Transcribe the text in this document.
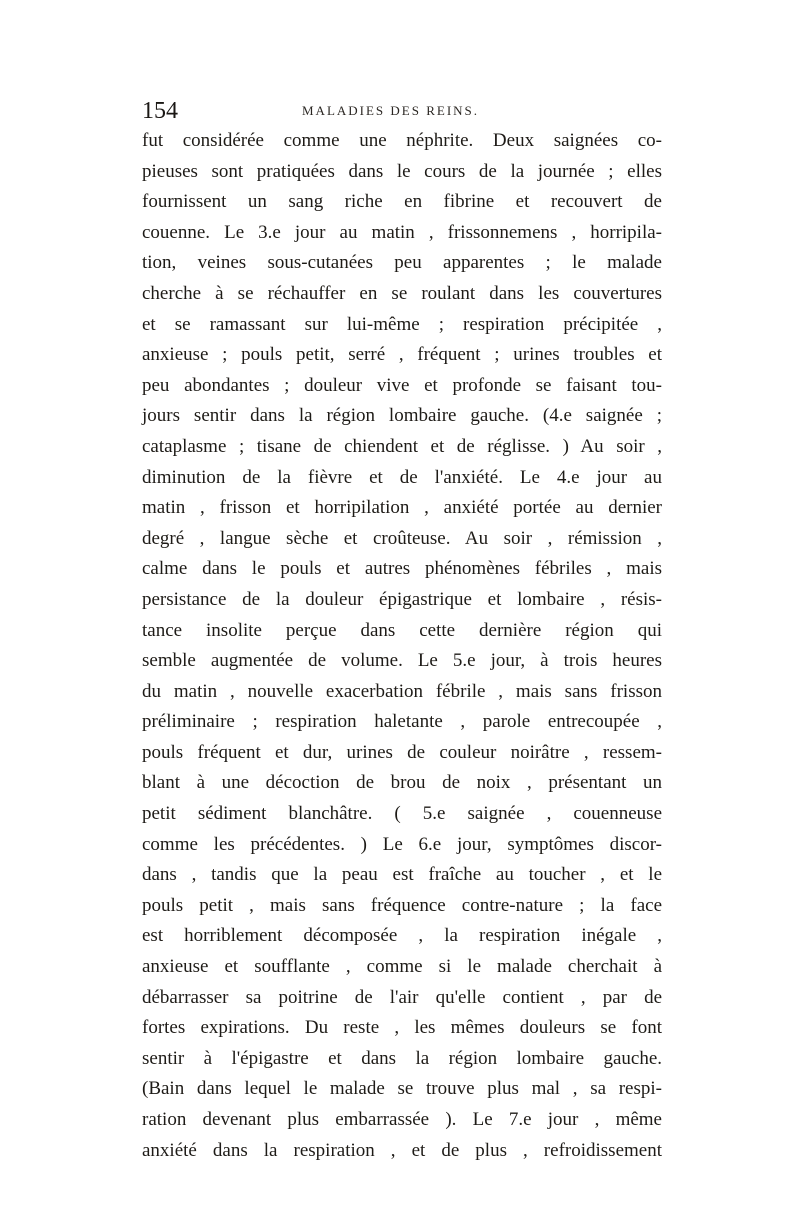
154	MALADIES DES REINS.
fut considérée comme une néphrite. Deux saignées co-
pieuses sont pratiquées dans le cours de la journée ; elles
fournissent un sang riche en fibrine et recouvert de
couenne. Le 3.e jour au matin , frissonnemens , horripila-
tion, veines sous-cutanées peu apparentes ; le malade
cherche à se réchauffer en se roulant dans les couvertures
et se ramassant sur lui-même ; respiration précipitée ,
anxieuse ; pouls petit, serré , fréquent ; urines troubles et
peu abondantes ; douleur vive et profonde se faisant tou-
jours sentir dans la région lombaire gauche. (4.e saignée ;
cataplasme ; tisane de chiendent et de réglisse. ) Au soir ,
diminution de la fièvre et de l'anxiété. Le 4.e jour au
matin , frisson et horripilation , anxiété portée au dernier
degré , langue sèche et croûteuse. Au soir , rémission ,
calme dans le pouls et autres phénomènes fébriles , mais
persistance de la douleur épigastrique et lombaire , résis-
tance insolite perçue dans cette dernière région qui
semble augmentée de volume. Le 5.e jour, à trois heures
du matin , nouvelle exacerbation fébrile , mais sans frisson
préliminaire ; respiration haletante , parole entrecoupée ,
pouls fréquent et dur, urines de couleur noirâtre , ressem-
blant à une décoction de brou de noix , présentant un
petit sédiment blanchâtre. ( 5.e saignée , couenneuse
comme les précédentes. ) Le 6.e jour, symptômes discor-
dans , tandis que la peau est fraîche au toucher , et le
pouls petit , mais sans fréquence contre-nature ; la face
est horriblement décomposée , la respiration inégale ,
anxieuse et soufflante , comme si le malade cherchait à
débarrasser sa poitrine de l'air qu'elle contient , par de
fortes expirations. Du reste , les mêmes douleurs se font
sentir à l'épigastre et dans la région lombaire gauche.
(Bain dans lequel le malade se trouve plus mal , sa respi-
ration devenant plus embarrassée ). Le 7.e jour , même
anxiété dans la respiration , et de plus , refroidissement
